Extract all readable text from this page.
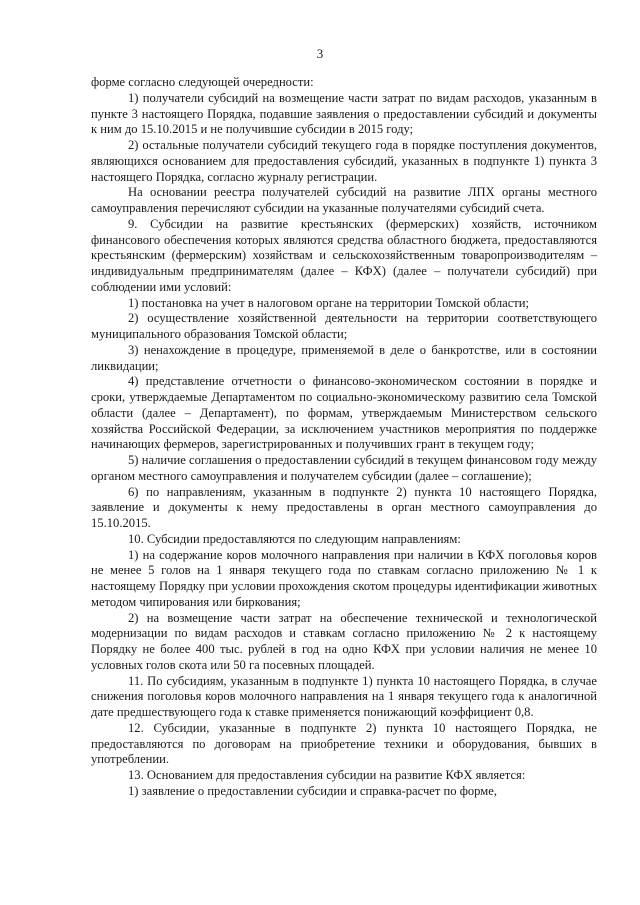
3

форме согласно следующей очередности:

1) получатели субсидий на возмещение части затрат по видам расходов, указанным в пункте 3 настоящего Порядка, подавшие заявления о предоставлении субсидий и документы к ним до 15.10.2015 и не получившие субсидии в 2015 году;

2) остальные получатели субсидий текущего года в порядке поступления документов, являющихся основанием для предоставления субсидий, указанных в подпункте 1) пункта 3 настоящего Порядка, согласно журналу регистрации.

На основании реестра получателей субсидий на развитие ЛПХ органы местного самоуправления перечисляют субсидии на указанные получателями субсидий счета.

9. Субсидии на развитие крестьянских (фермерских) хозяйств, источником финансового обеспечения которых являются средства областного бюджета, предоставляются крестьянским (фермерским) хозяйствам и сельскохозяйственным товаропроизводителям – индивидуальным предпринимателям (далее – КФХ) (далее – получатели субсидий) при соблюдении ими условий:

1) постановка на учет в налоговом органе на территории Томской области;

2) осуществление хозяйственной деятельности на территории соответствующего муниципального образования Томской области;

3) ненахождение в процедуре, применяемой в деле о банкротстве, или в состоянии ликвидации;

4) представление отчетности о финансово-экономическом состоянии в порядке и сроки, утверждаемые Департаментом по социально-экономическому развитию села Томской области (далее – Департамент), по формам, утверждаемым Министерством сельского хозяйства Российской Федерации, за исключением участников мероприятия по поддержке начинающих фермеров, зарегистрированных и получивших грант в текущем году;

5) наличие соглашения о предоставлении субсидий в текущем финансовом году между органом местного самоуправления и получателем субсидии (далее – соглашение);

6) по направлениям, указанным в подпункте 2) пункта 10 настоящего Порядка, заявление и документы к нему предоставлены в орган местного самоуправления до 15.10.2015.

10. Субсидии предоставляются по следующим направлениям:

1) на содержание коров молочного направления при наличии в КФХ поголовья коров не менее 5 голов на 1 января текущего года по ставкам согласно приложению № 1 к настоящему Порядку при условии прохождения скотом процедуры идентификации животных методом чипирования или биркования;

2) на возмещение части затрат на обеспечение технической и технологической модернизации по видам расходов и ставкам согласно приложению № 2 к настоящему Порядку не более 400 тыс. рублей в год на одно КФХ при условии наличия не менее 10 условных голов скота или 50 га посевных площадей.

11. По субсидиям, указанным в подпункте 1) пункта 10 настоящего Порядка, в случае снижения поголовья коров молочного направления на 1 января текущего года к аналогичной дате предшествующего года к ставке применяется понижающий коэффициент 0,8.

12. Субсидии, указанные в подпункте 2) пункта 10 настоящего Порядка, не предоставляются по договорам на приобретение техники и оборудования, бывших в употреблении.

13. Основанием для предоставления субсидии на развитие КФХ является:

1) заявление о предоставлении субсидии и справка-расчет по форме,
